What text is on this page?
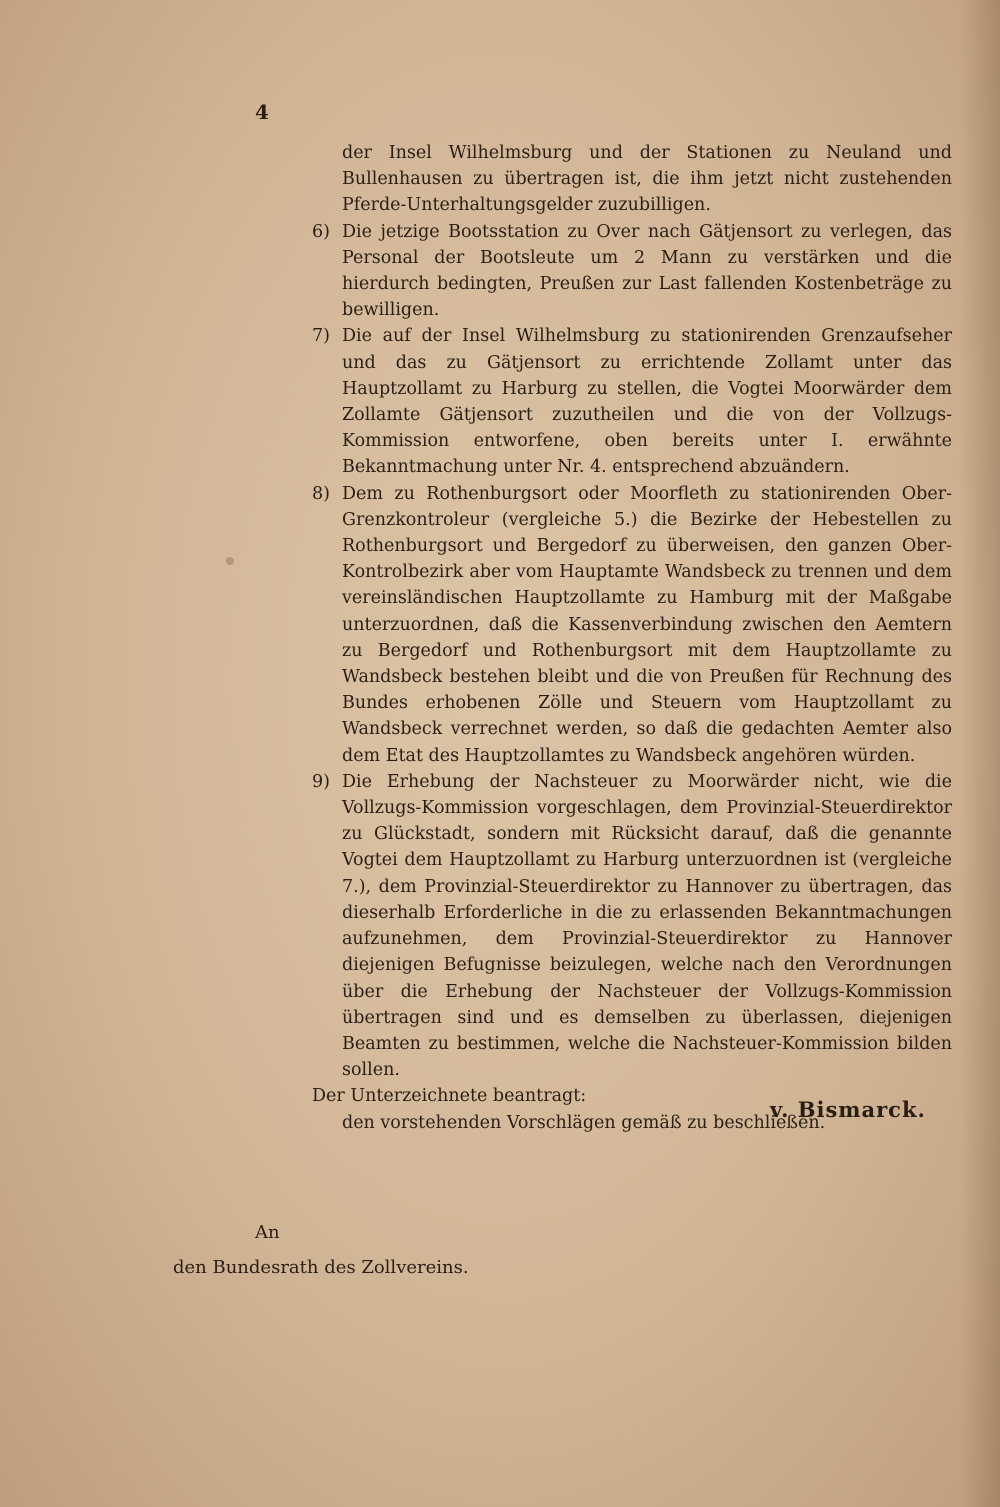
4

der Insel Wilhelmsburg und der Stationen zu Neuland und Bullenhausen zu übertragen ist, die ihm jetzt nicht zustehenden Pferde-Unterhaltungsgelder zuzubilligen.

6) Die jetzige Bootsstation zu Over nach Gätjensort zu verlegen, das Personal der Bootsleute um 2 Mann zu verstärken und die hierdurch bedingten, Preußen zur Last fallenden Kostenbeträge zu bewilligen.

7) Die auf der Insel Wilhelmsburg zu stationirenden Grenzaufseher und das zu Gätjensort zu errichtende Zollamt unter das Hauptzollamt zu Harburg zu stellen, die Vogtei Moorwärder dem Zollamte Gätjensort zuzutheilen und die von der Vollzugs-Kommission entworfene, oben bereits unter I. erwähnte Bekanntmachung unter Nr. 4. entsprechend abzuändern.

8) Dem zu Rothenburgsort oder Moorfleth zu stationirenden Ober-Grenzkontroleur (vergleiche 5.) die Bezirke der Hebestellen zu Rothenburgsort und Bergedorf zu überweisen, den ganzen Ober-Kontrolbezirk aber vom Hauptamte Wandsbeck zu trennen und dem vereinsländischen Hauptzollamte zu Hamburg mit der Maßgabe unterzuordnen, daß die Kassenverbindung zwischen den Aemtern zu Bergedorf und Rothenburgsort mit dem Hauptzollamte zu Wandsbeck bestehen bleibt und die von Preußen für Rechnung des Bundes erhobenen Zölle und Steuern vom Hauptzollamt zu Wandsbeck verrechnet werden, so daß die gedachten Aemter also dem Etat des Hauptzollamtes zu Wandsbeck angehören würden.

9) Die Erhebung der Nachsteuer zu Moorwärder nicht, wie die Vollzugs-Kommission vorgeschlagen, dem Provinzial-Steuerdirektor zu Glückstadt, sondern mit Rücksicht darauf, daß die genannte Vogtei dem Hauptzollamt zu Harburg unterzuordnen ist (vergleiche 7.), dem Provinzial-Steuerdirektor zu Hannover zu übertragen, das dieserhalb Erforderliche in die zu erlassenden Bekanntmachungen aufzunehmen, dem Provinzial-Steuerdirektor zu Hannover diejenigen Befugnisse beizulegen, welche nach den Verordnungen über die Erhebung der Nachsteuer der Vollzugs-Kommission übertragen sind und es demselben zu überlassen, diejenigen Beamten zu bestimmen, welche die Nachsteuer-Kommission bilden sollen.

Der Unterzeichnete beantragt:

den vorstehenden Vorschlägen gemäß zu beschließen.

v. Bismarck.
An
den Bundesrath des Zollvereins.
